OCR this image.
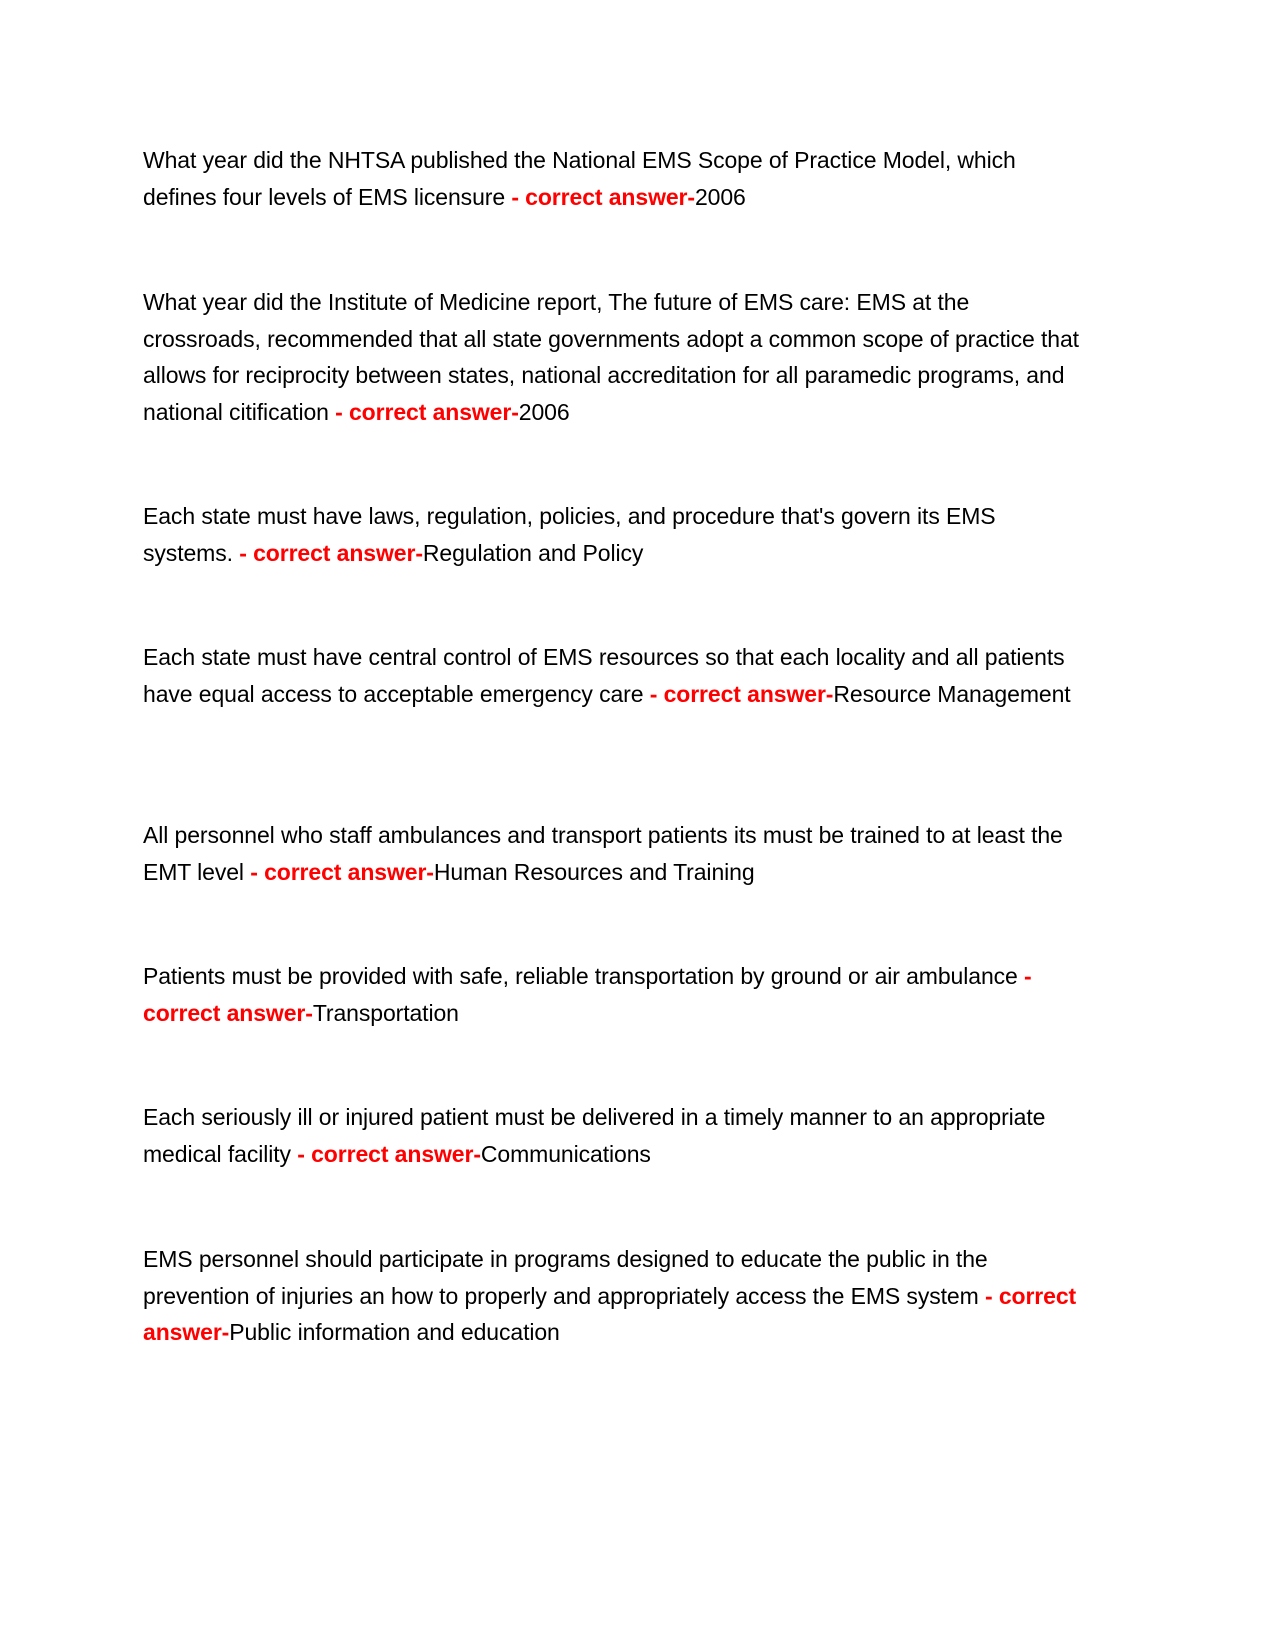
What year did the NHTSA published the National EMS Scope of Practice Model, which defines four levels of EMS licensure - correct answer-2006

What year did the Institute of Medicine report, The future of EMS care: EMS at the crossroads, recommended that all state governments adopt a common scope of practice that allows for reciprocity between states, national accreditation for all paramedic programs, and national citification - correct answer-2006

Each state must have laws, regulation, policies, and procedure that's govern its EMS systems. - correct answer-Regulation and Policy

Each state must have central control of EMS resources so that each locality and all patients have equal access to acceptable emergency care - correct answer-Resource Management

All personnel who staff ambulances and transport patients its must be trained to at least the EMT level - correct answer-Human Resources and Training

Patients must be provided with safe, reliable transportation by ground or air ambulance - correct answer-Transportation

Each seriously ill or injured patient must be delivered in a timely manner to an appropriate medical facility - correct answer-Communications

EMS personnel should participate in programs designed to educate the public in the prevention of injuries an how to properly and appropriately access the EMS system - correct answer-Public information and education
